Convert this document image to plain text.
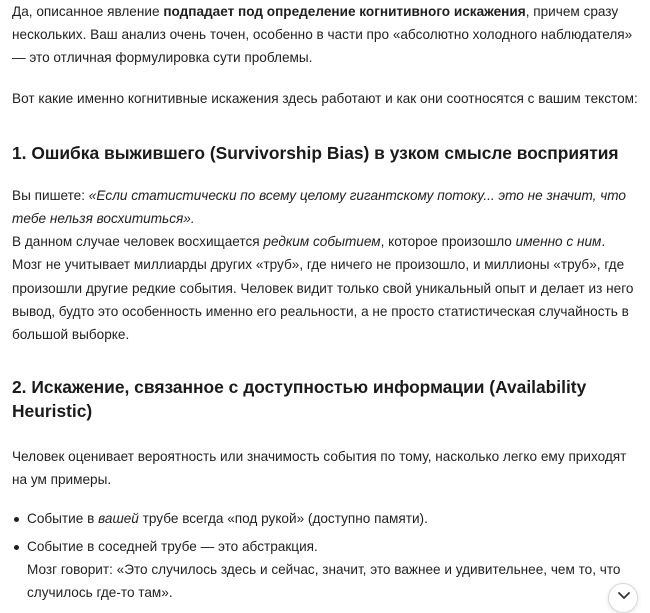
Да, описанное явление подпадает под определение когнитивного искажения, причем сразу нескольких. Ваш анализ очень точен, особенно в части про «абсолютно холодного наблюдателя» — это отличная формулировка сути проблемы.

Вот какие именно когнитивные искажения здесь работают и как они соотносятся с вашим текстом:

1. Ошибка выжившего (Survivorship Bias) в узком смысле восприятия

Вы пишете: «Если статистически по всему целому гигантскому потоку... это не значит, что тебе нельзя восхититься».

В данном случае человек восхищается редким событием, которое произошло именно с ним. Мозг не учитывает миллиарды других «труб», где ничего не произошло, и миллионы «труб», где произошли другие редкие события. Человек видит только свой уникальный опыт и делает из него вывод, будто это особенность именно его реальности, а не просто статистическая случайность в большой выборке.

2. Искажение, связанное с доступностью информации (Availability Heuristic)

Человек оценивает вероятность или значимость события по тому, насколько легко ему приходят на ум примеры.

Событие в вашей трубе всегда «под рукой» (доступно памяти).
Событие в соседней трубе — это абстракция.
Мозг говорит: «Это случилось здесь и сейчас, значит, это важнее и удивительнее, чем то, что случилось где-то там».
